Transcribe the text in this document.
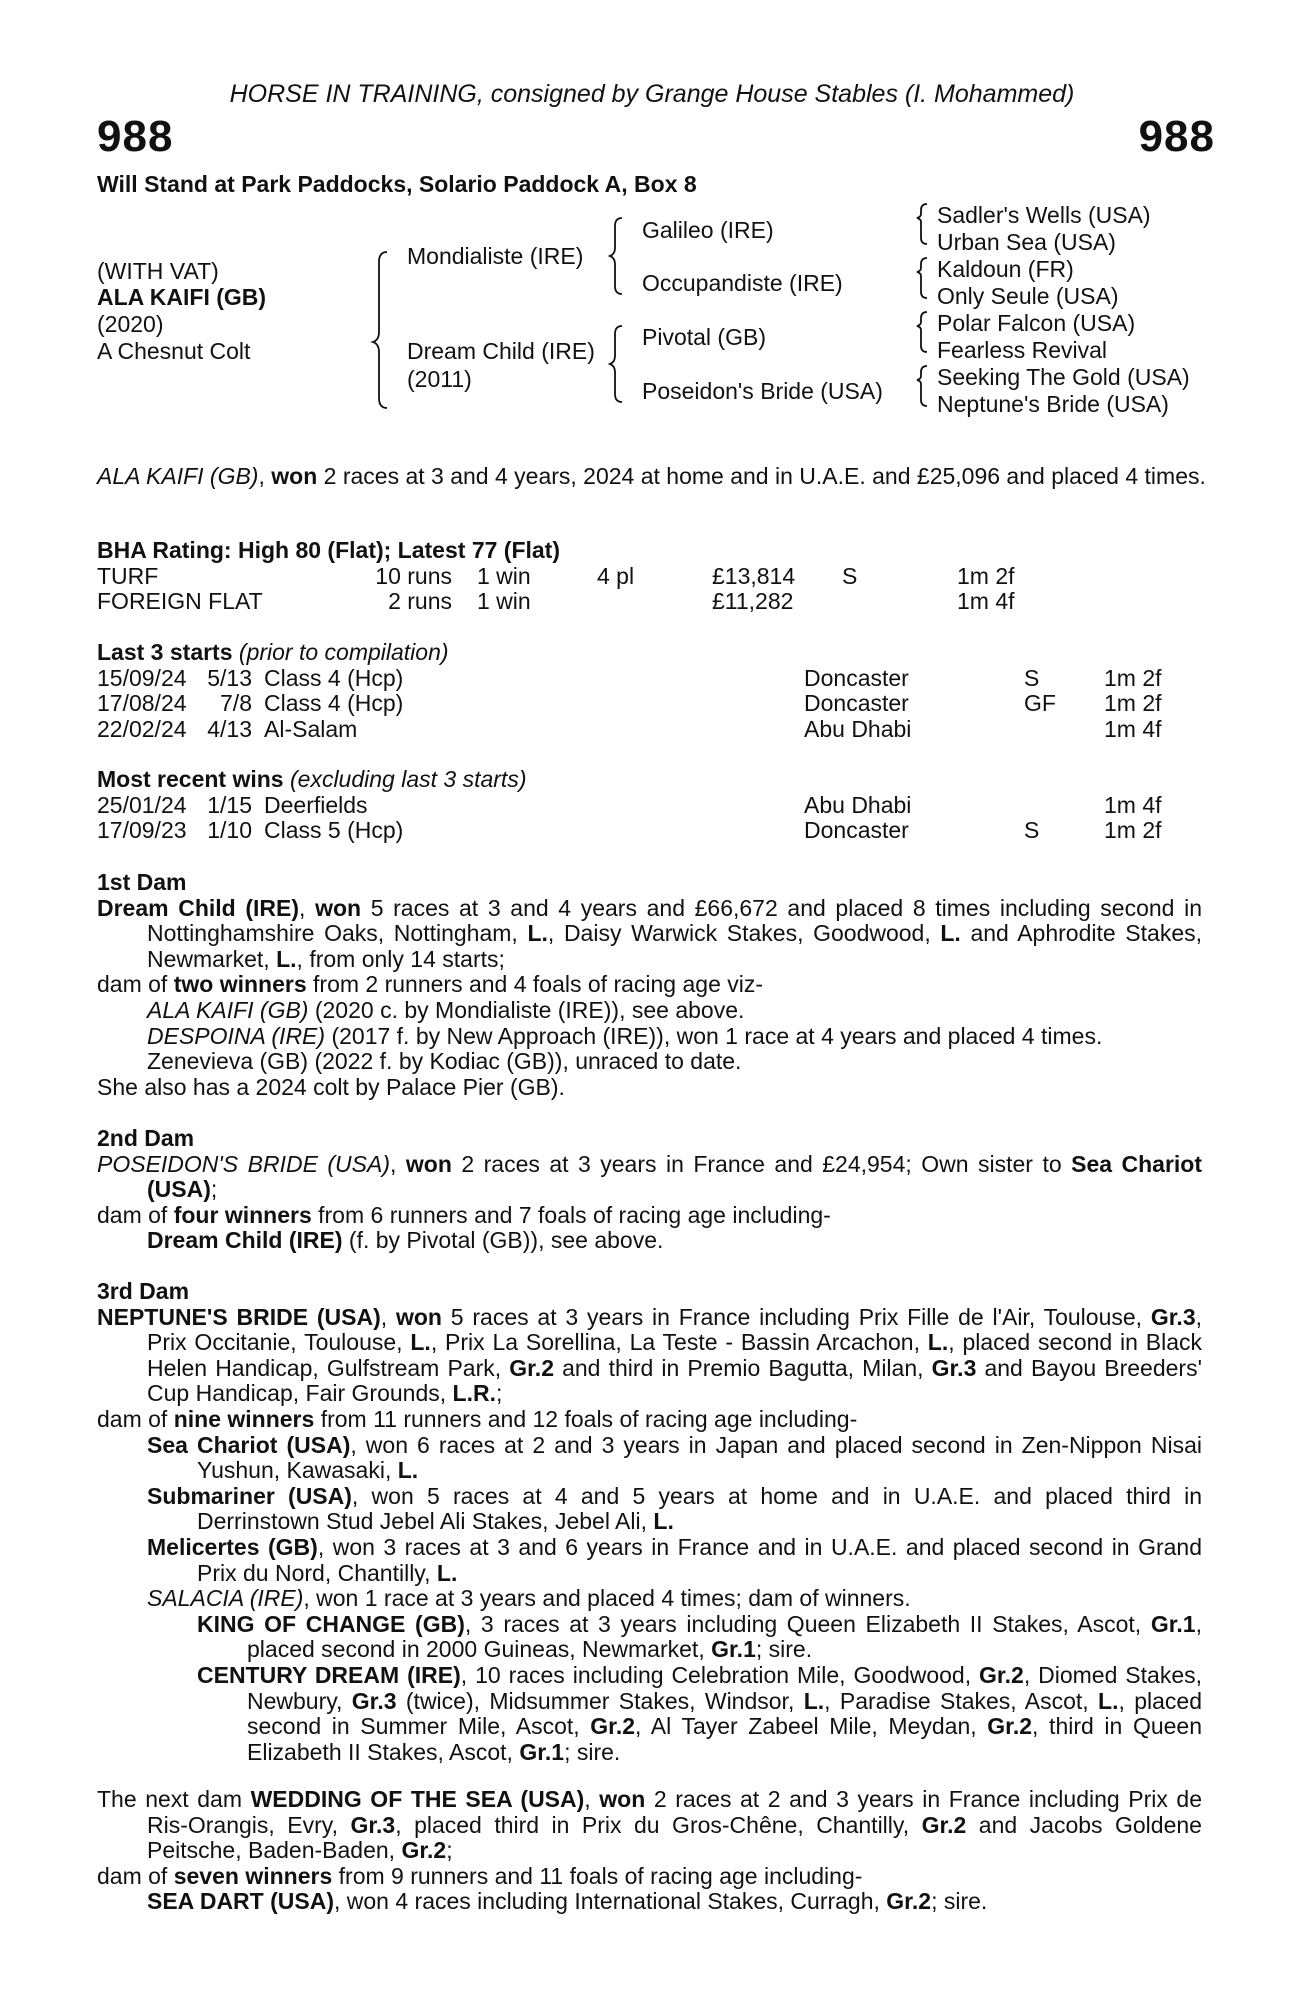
HORSE IN TRAINING, consigned by Grange House Stables (I. Mohammed)
988	988
Will Stand at Park Paddocks, Solario Paddock A, Box 8
(WITH VAT)
ALA KAIFI (GB)
(2020)
A Chesnut Colt
Mondialiste (IRE)
Dream Child (IRE)
(2011)
Galileo (IRE)
Occupandiste (IRE)
Pivotal (GB)
Poseidon's Bride (USA)
Sadler's Wells (USA)
Urban Sea (USA)
Kaldoun (FR)
Only Seule (USA)
Polar Falcon (USA)
Fearless Revival
Seeking The Gold (USA)
Neptune's Bride (USA)
ALA KAIFI (GB), won 2 races at 3 and 4 years, 2024 at home and in U.A.E. and £25,096 and placed 4 times.
BHA Rating: High 80 (Flat); Latest 77 (Flat)
TURF	10 runs	1 win	4 pl	£13,814	S	1m 2f
FOREIGN FLAT	2 runs	1 win		£11,282		1m 4f
Last 3 starts (prior to compilation)
15/09/24	5/13	Class 4 (Hcp)	Doncaster	S	1m 2f
17/08/24	7/8	Class 4 (Hcp)	Doncaster	GF	1m 2f
22/02/24	4/13	Al-Salam	Abu Dhabi		1m 4f
Most recent wins (excluding last 3 starts)
25/01/24	1/15	Deerfields	Abu Dhabi		1m 4f
17/09/23	1/10	Class 5 (Hcp)	Doncaster	S	1m 2f
1st Dam
Dream Child (IRE), won 5 races at 3 and 4 years and £66,672 and placed 8 times including second in Nottinghamshire Oaks, Nottingham, L., Daisy Warwick Stakes, Goodwood, L. and Aphrodite Stakes, Newmarket, L., from only 14 starts;
dam of two winners from 2 runners and 4 foals of racing age viz-
ALA KAIFI (GB) (2020 c. by Mondialiste (IRE)), see above.
DESPOINA (IRE) (2017 f. by New Approach (IRE)), won 1 race at 4 years and placed 4 times.
Zenevieva (GB) (2022 f. by Kodiac (GB)), unraced to date.
She also has a 2024 colt by Palace Pier (GB).
2nd Dam
POSEIDON'S BRIDE (USA), won 2 races at 3 years in France and £24,954; Own sister to Sea Chariot (USA);
dam of four winners from 6 runners and 7 foals of racing age including-
Dream Child (IRE) (f. by Pivotal (GB)), see above.
3rd Dam
NEPTUNE'S BRIDE (USA), won 5 races at 3 years in France including Prix Fille de l'Air, Toulouse, Gr.3, Prix Occitanie, Toulouse, L., Prix La Sorellina, La Teste - Bassin Arcachon, L., placed second in Black Helen Handicap, Gulfstream Park, Gr.2 and third in Premio Bagutta, Milan, Gr.3 and Bayou Breeders' Cup Handicap, Fair Grounds, L.R.;
dam of nine winners from 11 runners and 12 foals of racing age including-
Sea Chariot (USA), won 6 races at 2 and 3 years in Japan and placed second in Zen-Nippon Nisai Yushun, Kawasaki, L.
Submariner (USA), won 5 races at 4 and 5 years at home and in U.A.E. and placed third in Derrinstown Stud Jebel Ali Stakes, Jebel Ali, L.
Melicertes (GB), won 3 races at 3 and 6 years in France and in U.A.E. and placed second in Grand Prix du Nord, Chantilly, L.
SALACIA (IRE), won 1 race at 3 years and placed 4 times; dam of winners.
KING OF CHANGE (GB), 3 races at 3 years including Queen Elizabeth II Stakes, Ascot, Gr.1, placed second in 2000 Guineas, Newmarket, Gr.1; sire.
CENTURY DREAM (IRE), 10 races including Celebration Mile, Goodwood, Gr.2, Diomed Stakes, Newbury, Gr.3 (twice), Midsummer Stakes, Windsor, L., Paradise Stakes, Ascot, L., placed second in Summer Mile, Ascot, Gr.2, Al Tayer Zabeel Mile, Meydan, Gr.2, third in Queen Elizabeth II Stakes, Ascot, Gr.1; sire.
The next dam WEDDING OF THE SEA (USA), won 2 races at 2 and 3 years in France including Prix de Ris-Orangis, Evry, Gr.3, placed third in Prix du Gros-Chêne, Chantilly, Gr.2 and Jacobs Goldene Peitsche, Baden-Baden, Gr.2;
dam of seven winners from 9 runners and 11 foals of racing age including-
SEA DART (USA), won 4 races including International Stakes, Curragh, Gr.2; sire.
